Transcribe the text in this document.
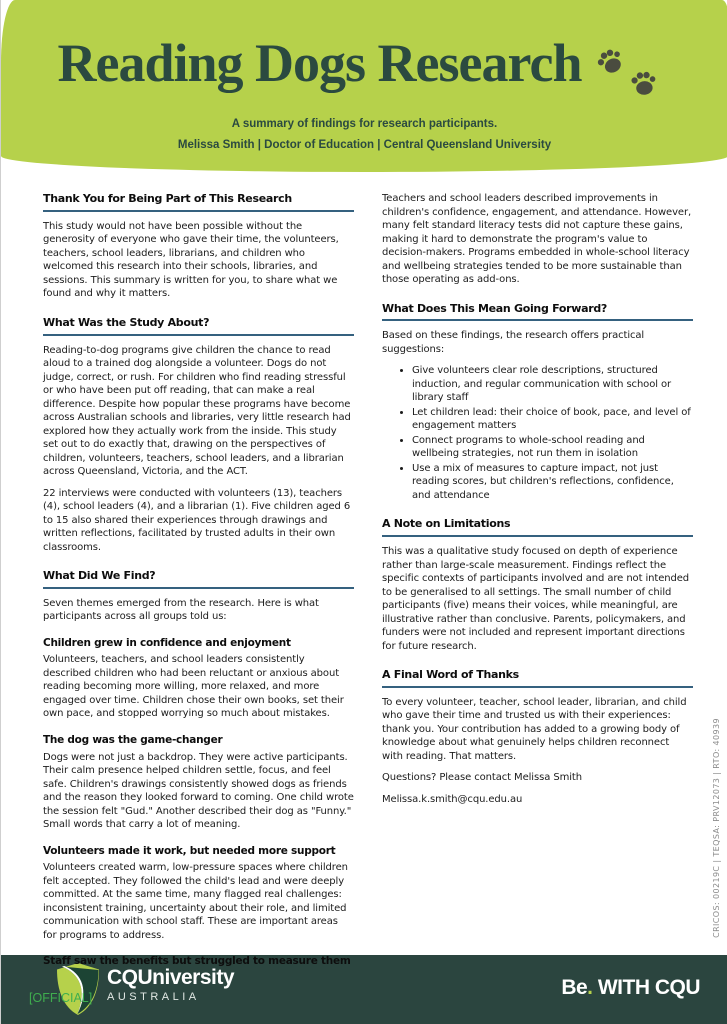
Reading Dogs Research

A summary of findings for research participants.

Melissa Smith | Doctor of Education | Central Queensland University

Thank You for Being Part of This Research

This study would not have been possible without the generosity of everyone who gave their time, the volunteers, teachers, school leaders, librarians, and children who welcomed this research into their schools, libraries, and sessions. This summary is written for you, to share what we found and why it matters.

What Was the Study About?

Reading-to-dog programs give children the chance to read aloud to a trained dog alongside a volunteer. Dogs do not judge, correct, or rush. For children who find reading stressful or who have been put off reading, that can make a real difference. Despite how popular these programs have become across Australian schools and libraries, very little research had explored how they actually work from the inside. This study set out to do exactly that, drawing on the perspectives of children, volunteers, teachers, school leaders, and a librarian across Queensland, Victoria, and the ACT.

22 interviews were conducted with volunteers (13), teachers (4), school leaders (4), and a librarian (1). Five children aged 6 to 15 also shared their experiences through drawings and written reflections, facilitated by trusted adults in their own classrooms.

What Did We Find?

Seven themes emerged from the research. Here is what participants across all groups told us:

Children grew in confidence and enjoyment

Volunteers, teachers, and school leaders consistently described children who had been reluctant or anxious about reading becoming more willing, more relaxed, and more engaged over time. Children chose their own books, set their own pace, and stopped worrying so much about mistakes.

The dog was the game-changer

Dogs were not just a backdrop. They were active participants. Their calm presence helped children settle, focus, and feel safe. Children's drawings consistently showed dogs as friends and the reason they looked forward to coming. One child wrote the session felt "Gud." Another described their dog as "Funny." Small words that carry a lot of meaning.

Volunteers made it work, but needed more support

Volunteers created warm, low-pressure spaces where children felt accepted. They followed the child's lead and were deeply committed. At the same time, many flagged real challenges: inconsistent training, uncertainty about their role, and limited communication with school staff. These are important areas for programs to address.

Staff saw the benefits but struggled to measure them

Teachers and school leaders described improvements in children's confidence, engagement, and attendance. However, many felt standard literacy tests did not capture these gains, making it hard to demonstrate the program's value to decision-makers. Programs embedded in whole-school literacy and wellbeing strategies tended to be more sustainable than those operating as add-ons.

What Does This Mean Going Forward?

Based on these findings, the research offers practical suggestions:

• Give volunteers clear role descriptions, structured induction, and regular communication with school or library staff
• Let children lead: their choice of book, pace, and level of engagement matters
• Connect programs to whole-school reading and wellbeing strategies, not run them in isolation
• Use a mix of measures to capture impact, not just reading scores, but children's reflections, confidence, and attendance
A Note on Limitations

This was a qualitative study focused on depth of experience rather than large-scale measurement. Findings reflect the specific contexts of participants involved and are not intended to be generalised to all settings. The small number of child participants (five) means their voices, while meaningful, are illustrative rather than conclusive. Parents, policymakers, and funders were not included and represent important directions for future research.

A Final Word of Thanks

To every volunteer, teacher, school leader, librarian, and child who gave their time and trusted us with their experiences: thank you. Your contribution has added to a growing body of knowledge about what genuinely helps children reconnect with reading. That matters.

Questions? Please contact Melissa Smith

Melissa.k.smith@cqu.edu.au	CRICOS: 00219C | TEQSA: PRV12073 | RTO: 40939
CQUniversity
AUSTRALIA	Be. WITH CQU
[OFFICIAL]
